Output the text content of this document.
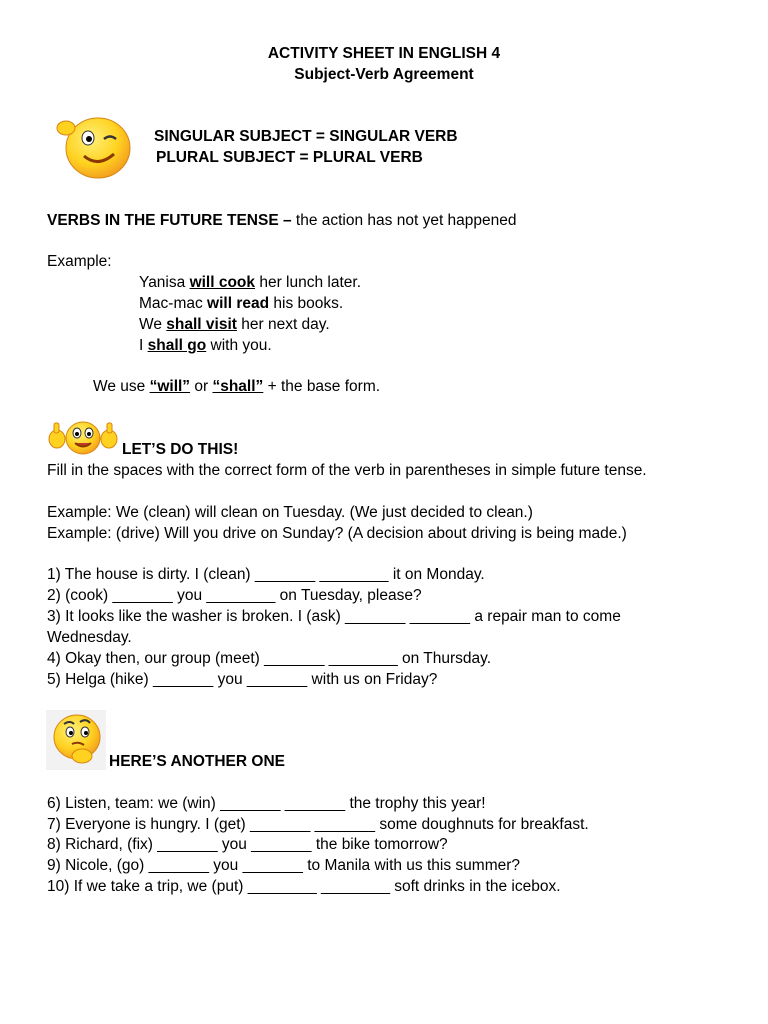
ACTIVITY SHEET IN ENGLISH 4
Subject-Verb Agreement
SINGULAR SUBJECT = SINGULAR VERB
PLURAL SUBJECT = PLURAL VERB
VERBS IN THE FUTURE TENSE – the action has not yet happened
Example:
Yanisa will cook her lunch later.
Mac-mac will read his books.
We shall visit her next day.
I shall go with you.
We use “will” or “shall” + the base form.
LET’S DO THIS!
Fill in the spaces with the correct form of the verb in parentheses in simple future tense.
Example: We (clean) will clean on Tuesday. (We just decided to clean.)
Example: (drive) Will you drive on Sunday? (A decision about driving is being made.)
1) The house is dirty. I (clean) _______ ________ it on Monday.
2) (cook) _______ you ________ on Tuesday, please?
3) It looks like the washer is broken. I (ask) _______ _______ a repair man to come
Wednesday.
4) Okay then, our group (meet) _______ ________ on Thursday.
5) Helga (hike) _______ you _______ with us on Friday?
HERE’S ANOTHER ONE
6) Listen, team: we (win) _______ _______ the trophy this year!
7) Everyone is hungry. I (get) _______ _______ some doughnuts for breakfast.
8) Richard, (fix) _______ you _______ the bike tomorrow?
9) Nicole, (go) _______ you _______ to Manila with us this summer?
10) If we take a trip, we (put) ________ ________ soft drinks in the icebox.
